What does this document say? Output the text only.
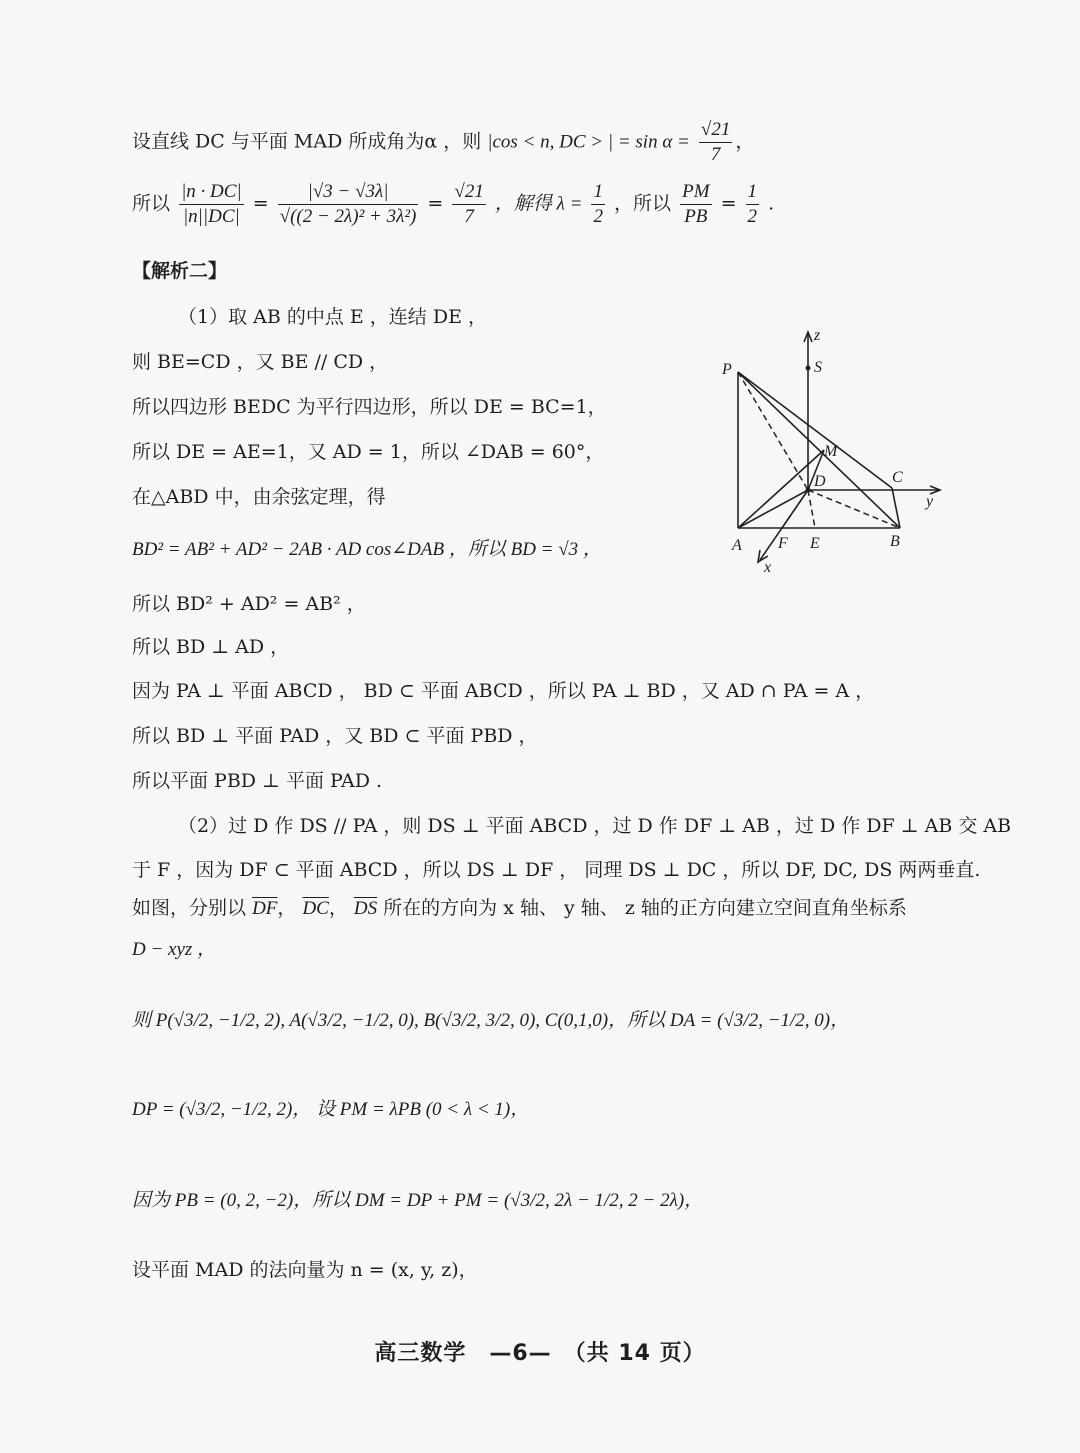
设直线 DC 与平面 MAD 所成角为α ，则 |cos < n, DC > | = $\sin \alpha = \frac{√21}{7}$ ，
所以 $\frac{|n \cdot DC|}{|n||DC|} = \frac{|√3 - √3\lambda|}{\text{√((2 − 2λ)² + 3λ²)}} = \frac{√21}{7}$ ，解得 $\lambda = \frac{1}{2}$ ，所以 $\frac{PM}{PB} = \frac{1}{2}$ .
【解析二】
（1）取 AB 的中点 E ，连结 DE ，
则 BE=CD ，又 BE // CD ，
所以四边形 BEDC 为平行四边形，所以 DE = BC=1，
所以 DE = AE=1，又 AD = 1，所以 ∠DAB = 60°，
在△ABD 中，由余弦定理，得
BD² = AB² + AD² − 2AB · AD cos∠DAB ，所以 BD = √3 ，
所以 BD² + AD² = AB² ，
所以 BD ⊥ AD ，
因为 PA ⊥ 平面 ABCD ， BD ⊂ 平面 ABCD ，所以 PA ⊥ BD ，又 AD ∩ PA = A ，
所以 BD ⊥ 平面 PAD ，又 BD ⊂ 平面 PBD ，
所以平面 PBD ⊥ 平面 PAD .
（2）过 D 作 DS // PA ，则 DS ⊥ 平面 ABCD ，过 D 作 DF ⊥ AB ，过 D 作 DF ⊥ AB 交 AB
于 F ，因为 DF ⊂ 平面 ABCD ，所以 DS ⊥ DF ， 同理 DS ⊥ DC ，所以 DF, DC, DS 两两垂直.
如图，分别以 $\overline{DF}$， $\overline{DC}$， $\overline{DS}$ 所在的方向为 x 轴、 y 轴、 z 轴的正方向建立空间直角坐标系
D − xyz ，
则 P(√3/2, −1/2, 2), A(√3/2, −1/2, 0), B(√3/2, 3/2, 0), C(0,1,0)，所以 DA = (√3/2, −1/2, 0)，
DP = (√3/2, −1/2, 2)， 设 PM = λPB (0 < λ < 1)，
因为 PB = (0, 2, −2)，所以 DM = DP + PM = (√3/2, 2λ − 1/2, 2 − 2λ)，
设平面 MAD 的法向量为 n = (x, y, z)，
z
S
P
M
C
D
y
A F E	B
x
高三数学　—6—　（共 14 页）
